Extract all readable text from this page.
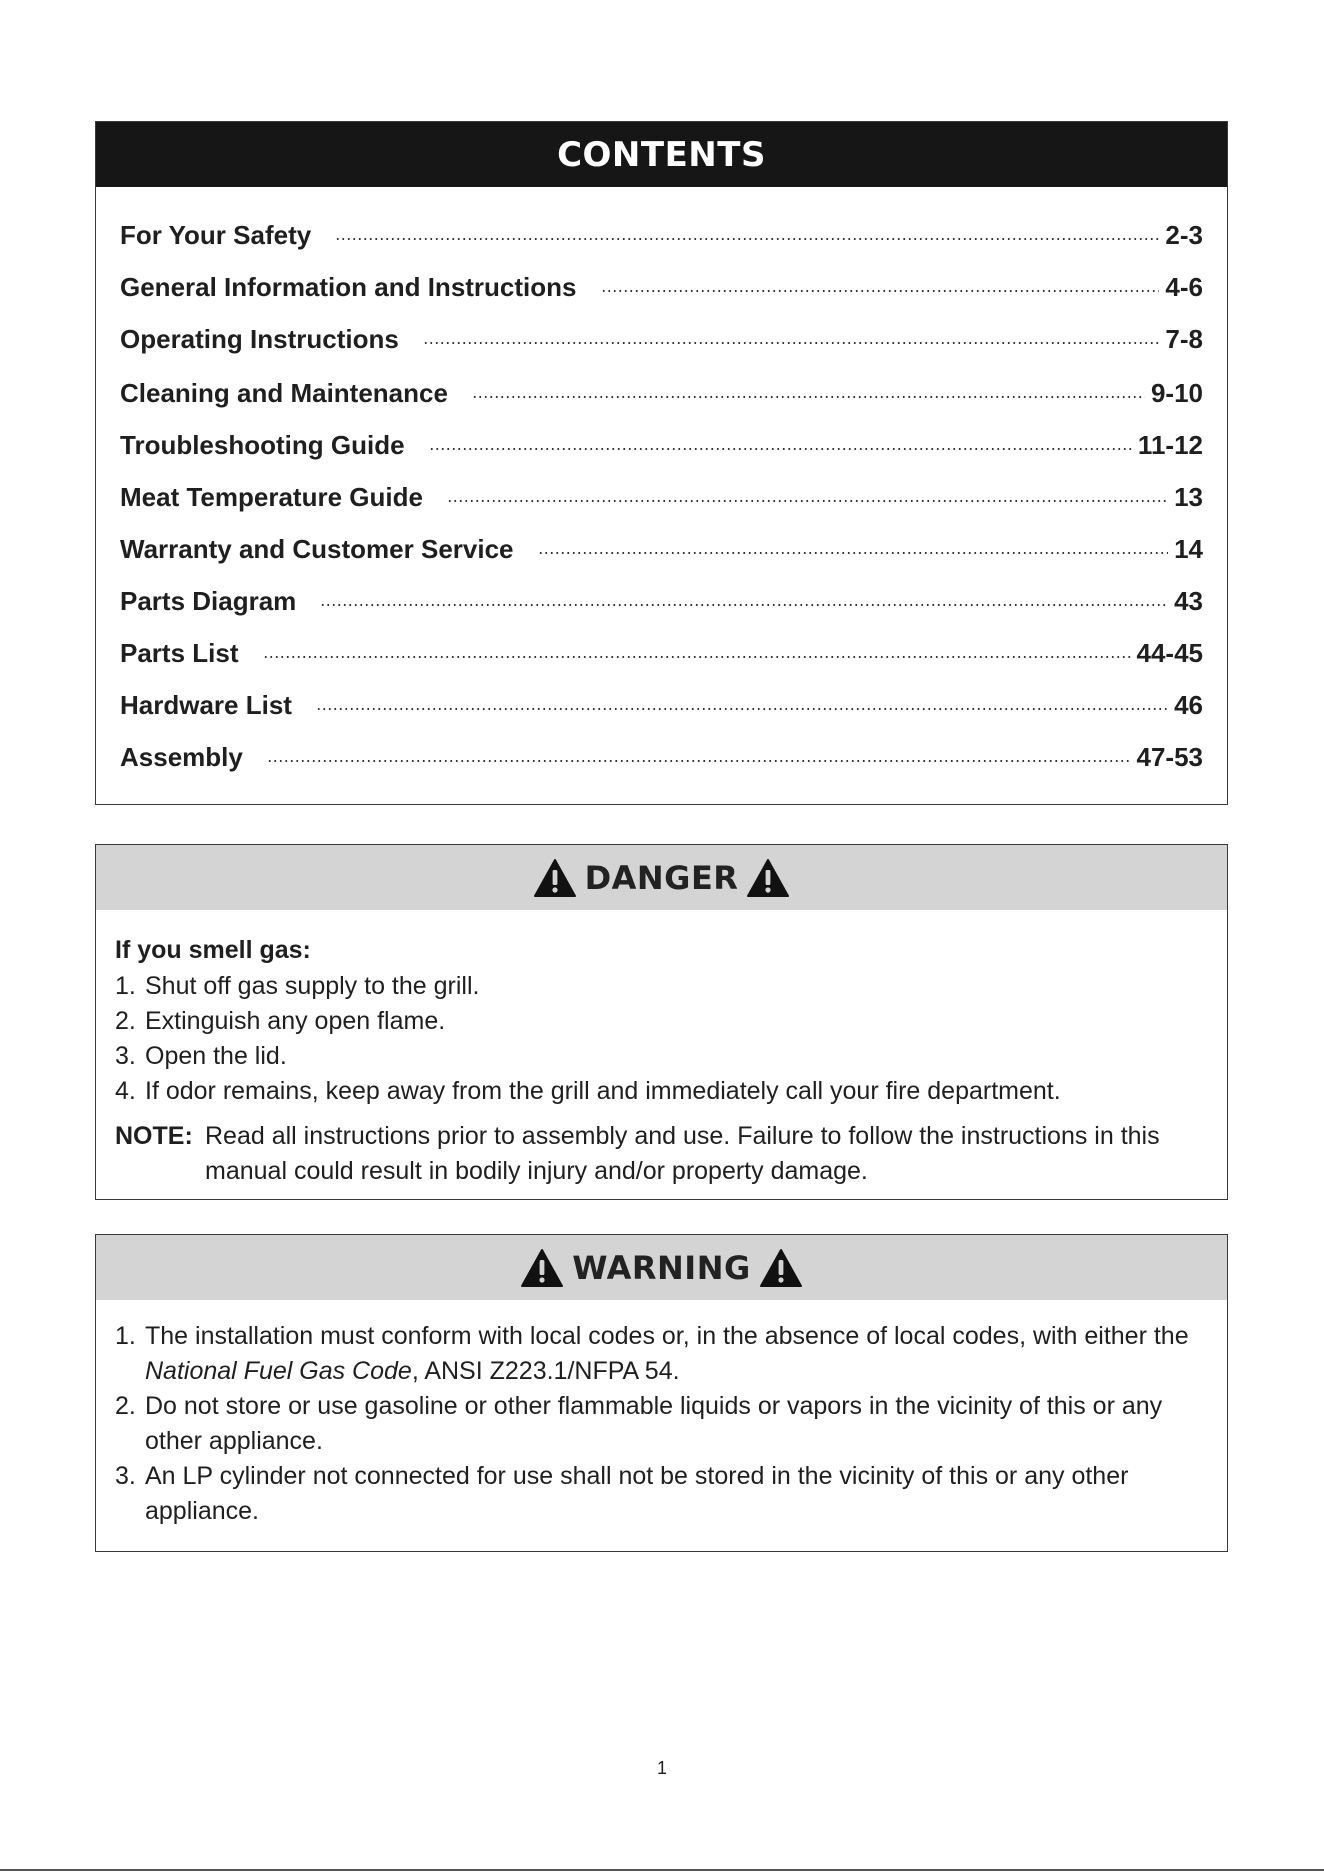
CONTENTS
For Your Safety	2-3
General Information and Instructions	4-6
Operating Instructions	7-8
Cleaning and Maintenance	9-10
Troubleshooting Guide	11-12
Meat Temperature Guide	13
Warranty and Customer Service	14
Parts Diagram	43
Parts List	44-45
Hardware List	46
Assembly	47-53
DANGER
If you smell gas:
1. Shut off gas supply to the grill.
2. Extinguish any open flame.
3. Open the lid.
4. If odor remains, keep away from the grill and immediately call your fire department.
NOTE: Read all instructions prior to assembly and use. Failure to follow the instructions in this manual could result in bodily injury and/or property damage.
WARNING
1. The installation must conform with local codes or, in the absence of local codes, with either the National Fuel Gas Code, ANSI Z223.1/NFPA 54.
2. Do not store or use gasoline or other flammable liquids or vapors in the vicinity of this or any other appliance.
3. An LP cylinder not connected for use shall not be stored in the vicinity of this or any other appliance.
1
